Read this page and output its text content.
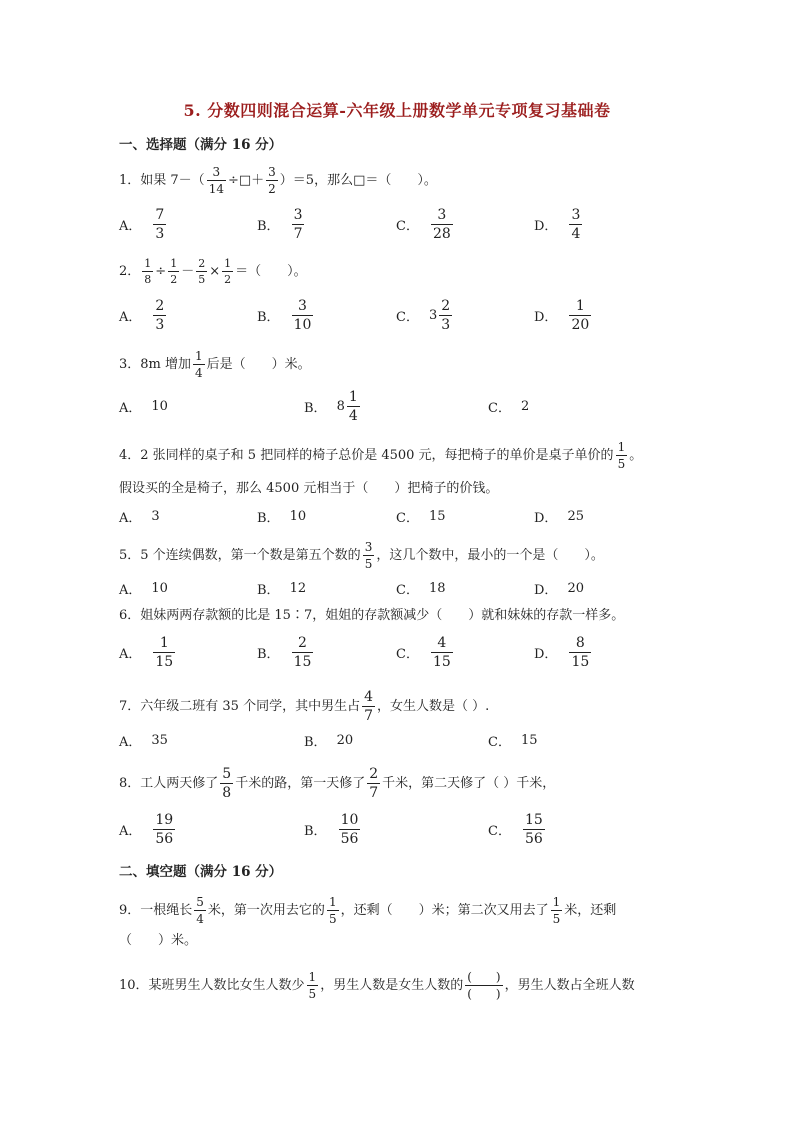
5. 分数四则混合运算-六年级上册数学单元专项复习基础卷
一、选择题（满分 16 分）
1．如果 $7-( \frac{3}{14}$ ÷□＋ $\frac{3}{2} )=5$，那么□＝（　　）。
A． $\frac{7}{3}$	B． $\frac{3}{7}$	C． $\frac{3}{28}$	D． $\frac{3}{4}$
2． $\frac{1}{8} \div \frac{1}{2} - \frac{2}{5} \times \frac{1}{2}$ ＝（　　）。
A． $\frac{2}{3}$	B． $\frac{3}{10}$	C． $3 \frac{2}{3}$	D． $\frac{1}{20}$
3．8m 增加 $\frac{1}{4}$ 后是（　　）米。
A． 10	B． $8 \frac{1}{4}$	C． 2
4．2 张同样的桌子和 5 把同样的椅子总价是 4500 元，每把椅子的单价是桌子单价的 $\frac{1}{5}$ 。
假设买的全是椅子，那么 4500 元相当于（　　）把椅子的价钱。
A． 3	B． 10	C． 15	D． 25
5．5 个连续偶数，第一个数是第五个数的 $\frac{3}{5}$ ，这几个数中，最小的一个是（　　）。
A． 10	B． 12	C． 18	D． 20
6．姐妹两两存款额的比是 15∶7，姐姐的存款额减少（　　）就和妹妹的存款一样多。
A． $\frac{1}{15}$	B． $\frac{2}{15}$	C． $\frac{4}{15}$	D． $\frac{8}{15}$
7．六年级二班有 35 个同学，其中男生占 $\frac{4}{7}$ ，女生人数是（ ）.
A． 35	B． 20	C． 15
8．工人两天修了 $\frac{5}{8}$ 千米的路，第一天修了 $\frac{2}{7}$ 千米，第二天修了（ ）千米，
A． $\frac{19}{56}$	B． $\frac{10}{56}$	C． $\frac{15}{56}$
二、填空题（满分 16 分）
9．一根绳长 $\frac{5}{4}$ 米，第一次用去它的 $\frac{1}{5}$ ，还剩（　　）米；第二次又用去了 $\frac{1}{5}$ 米，还剩
（　　）米。
10．某班男生人数比女生人数少 $\frac{1}{5}$ ，男生人数是女生人数的 $\frac{( )}{( )}$ ，男生人数占全班人数
